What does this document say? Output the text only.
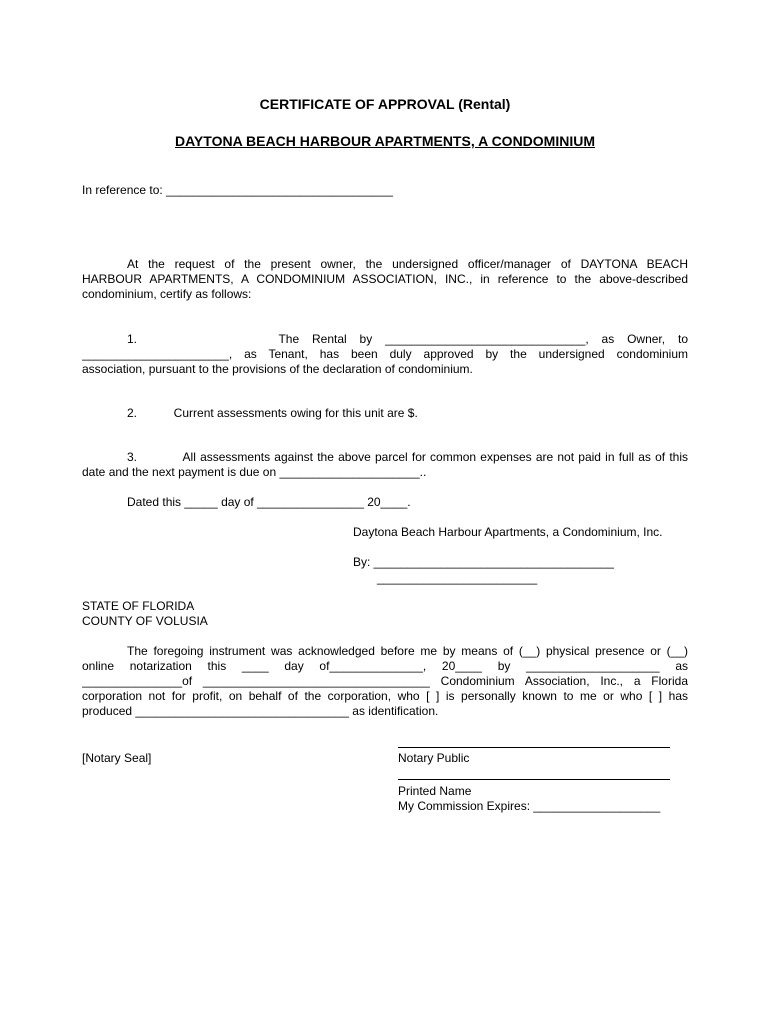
CERTIFICATE OF APPROVAL (Rental)
DAYTONA BEACH HARBOUR APARTMENTS, A CONDOMINIUM
In reference to: __________________________________
At the request of the present owner, the undersigned officer/manager of DAYTONA BEACH
HARBOUR APARTMENTS, A CONDOMINIUM ASSOCIATION, INC., in reference to the above-described
condominium, certify as follows:
1.           The Rental by ______________________________, as Owner, to
______________________, as Tenant, has been duly approved by the undersigned condominium
association, pursuant to the provisions of the declaration of condominium.
2.           Current assessments owing for this unit are $.
3.           All assessments against the above parcel for common expenses are not paid in full as of this
date and the next payment is due on _____________________..
Dated this _____ day of ________________ 20____.
Daytona Beach Harbour Apartments, a Condominium, Inc.
By: ____________________________________
________________________
STATE OF FLORIDA
COUNTY OF VOLUSIA
The foregoing instrument was acknowledged before me by means of (__) physical presence or (__)
online notarization this ____ day of______________, 20____ by ____________________ as
_______________of __________________________________ Condominium Association, Inc., a Florida
corporation not for profit, on behalf of the corporation, who [ ] is personally known to me or who [ ] has
produced ________________________________ as identification.
[Notary Seal]	Notary Public
Printed Name
My Commission Expires: ___________________
